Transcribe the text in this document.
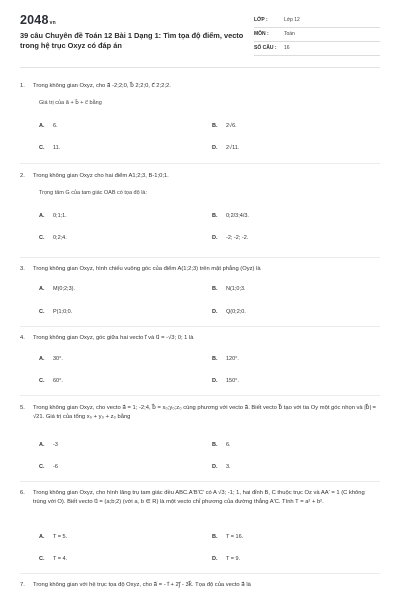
2048vn
39 câu Chuyên đề Toán 12 Bài 1 Dạng 1: Tìm tọa độ điểm, vecto trong hệ trục Oxyz có đáp án
LỚP :	Lớp 12
MÔN :	Toán
SỐ CÂU : 16
1. Trong không gian Oxyz, cho a⃗ -2;2;0, b⃗ 2;2;0, c⃗ 2;2;2.
Giá trị của a⃗ + b⃗ + c⃗ bằng
A. 6.	B. 2√6.
C. 11.	D. 2√11.
2. Trong không gian Oxyz cho hai điểm A1;2;3, B-1;0;1.
Trọng tâm G của tam giác OAB có tọa độ là:
A. 0;1;1.	B. 0;2/3;4/3.
C. 0;2;4.	D. -2; -2; -2.
3. Trong không gian Oxyz, hình chiếu vuông góc của điểm A(1;2;3) trên mặt phẳng (Oyz) là
A. M(0;2;3).	B. N(1;0;3.
C. P(1;0;0.	D. Q(0;2;0.
4. Trong không gian Oxyz, góc giữa hai vecto i⃗ và u⃗ = -√3; 0; 1 là
A. 30°.	B. 120°.
C. 60°.	D. 150°.
5. Trong không gian Oxyz, cho vecto a⃗ = 1; -2;4, b⃗ = x₀;y₀;z₀ cùng phương với vecto a⃗. Biết vecto b⃗ tạo với tia Oy một góc nhọn và |b⃗| = √21. Giá trị của tổng x₀ + y₀ + z₀ bằng
A. -3	B. 6.
C. -6	D. 3.
6. Trong không gian Oxyz, cho hình lăng trụ tam giác đều ABC.A'B'C' có A √3; -1; 1, hai đỉnh B, C thuộc trục Oz và AA' = 1 (C không trùng với O). Biết vecto u⃗ = (a;b;2) (với a, b ∈ R) là một vecto chỉ phương của đường thẳng A'C. Tính T = a² + b².
A. T = 5.	B. T = 16.
C. T = 4.	D. T = 9.
7. Trong không gian với hệ trục tọa độ Oxyz, cho a⃗ = - i⃗ + 2j⃗ - 3k⃗. Tọa độ của vecto a⃗ là
